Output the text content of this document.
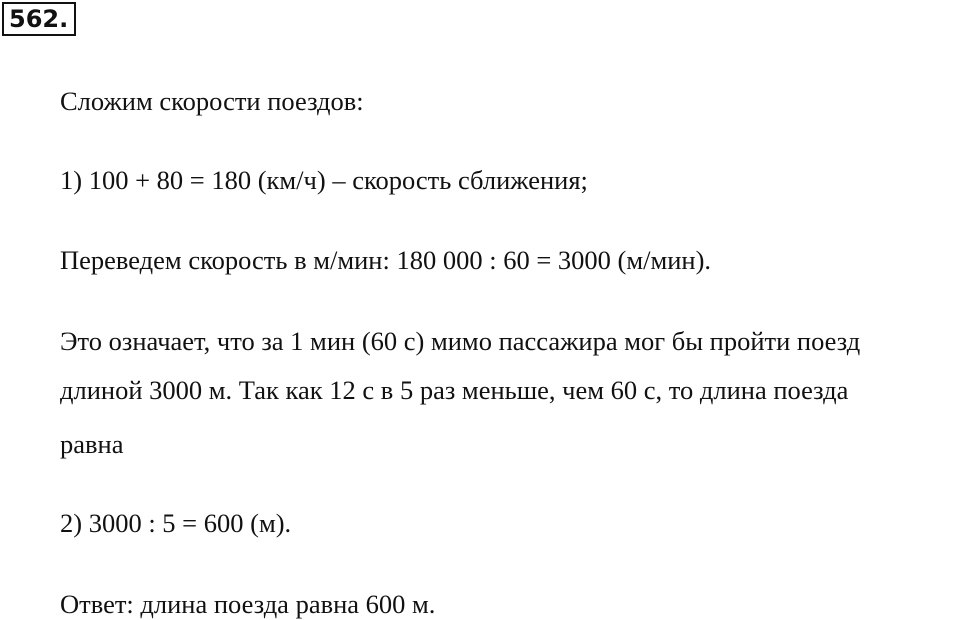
562.

Сложим скорости поездов:

1) 100 + 80 = 180 (км/ч) – скорость сближения;

Переведем скорость в м/мин: 180 000 : 60 = 3000 (м/мин).

Это означает, что за 1 мин (60 с) мимо пассажира мог бы пройти поезд

длиной 3000 м. Так как 12 с в 5 раз меньше, чем 60 с, то длина поезда

равна

2) 3000 : 5 = 600 (м).

Ответ: длина поезда равна 600 м.
